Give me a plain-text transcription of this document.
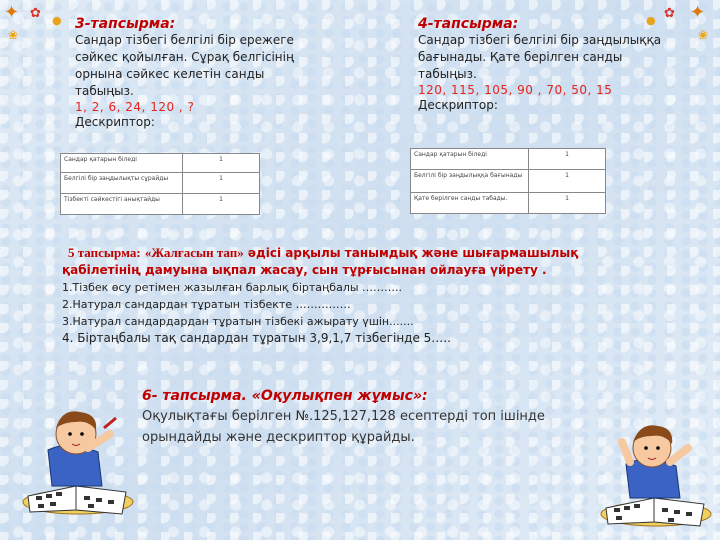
✦ ✿ ●
❀
✦
✿
●
❀
3-тапсырма:
Сандар тізбегі белгілі бір ережеге
сәйкес қойылған. Сұрақ белгісінің
орнына сәйкес келетін санды
табыңыз.
1, 2, 6, 24, 120 , ?
Дескриптор:
Сандар қатарын біледі	1
Белгілі бір заңдылықты сұрайды	1
Тізбекті сәйкестігі анықтайды	1
4-тапсырма:
Сандар тізбегі белгілі бір заңдылыққа
бағынады. Қате берілген санды
табыңыз.
120, 115, 105, 90 , 70, 50, 15
Дескриптор:
Сандар қатарын біледі	1
Белгілі бір заңдылыққа бағынады	1
Қате берілген санды табады.	1
5 тапсырма: «Жалғасын тап» әдісі арқылы танымдық және шығармашылық
қабілетінің дамуына ықпал жасау, сын тұрғысынан ойлауға үйрету .
1.Тізбек өсу ретімен жазылған барлық біртаңбалы ………..
2.Натурал сандардан тұратын тізбекте ……………
3.Натурал сандардардан тұратын тізбекі ажырату үшін.......
4. Біртаңбалы тақ сандардан тұратын 3,9,1,7 тізбегінде 5…..
6- тапсырма. «Оқулықпен жұмыс»:
Оқулықтағы берілген №.125,127,128 есептерді топ ішінде
орындайды және дескриптор құрайды.
